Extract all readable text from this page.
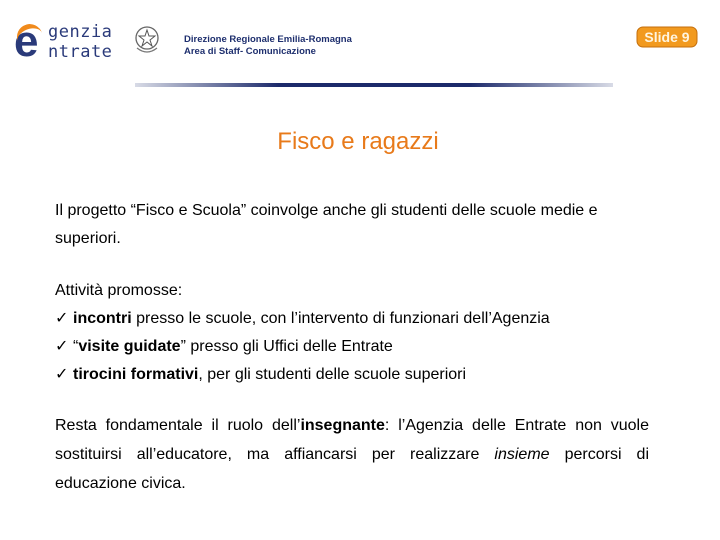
e genzia
ntrate
Direzione Regionale Emilia-Romagna
Area di Staff- Comunicazione
Slide 9
Fisco e ragazzi

Il progetto “Fisco e Scuola” coinvolge anche gli studenti delle scuole medie e superiori.

Attività promosse:

✓ incontri presso le scuole, con l’intervento di funzionari dell’Agenzia

✓ “visite guidate” presso gli Uffici delle Entrate

✓ tirocini formativi, per gli studenti delle scuole superiori

Resta fondamentale il ruolo dell’insegnante: l’Agenzia delle Entrate non vuole sostituirsi all’educatore, ma affiancarsi per realizzare insieme percorsi di educazione civica.
